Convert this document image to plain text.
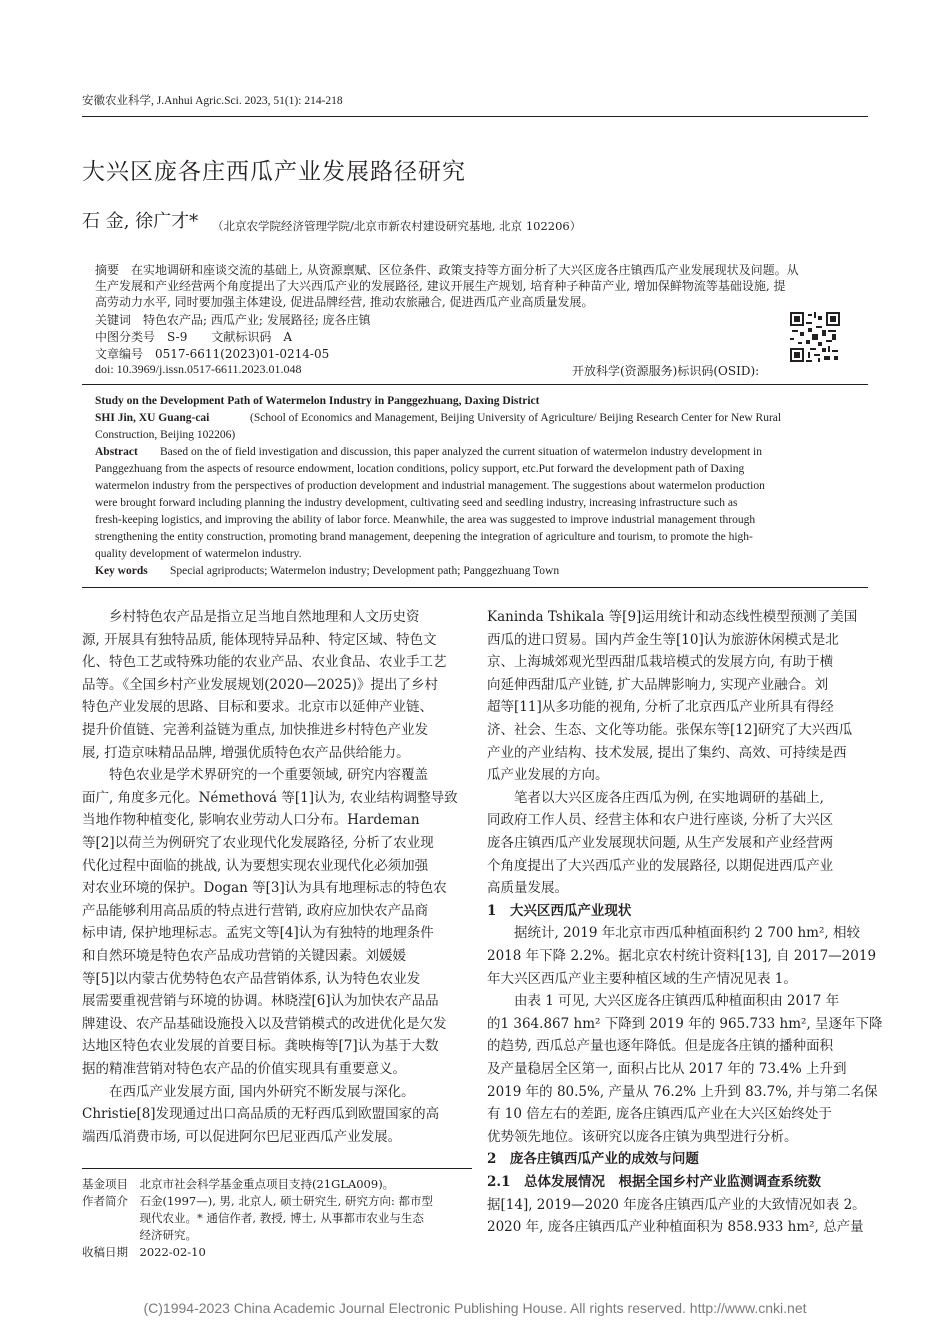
安徽农业科学, J.Anhui Agric.Sci. 2023, 51(1): 214-218
大兴区庞各庄西瓜产业发展路径研究
石 金, 徐广才* （北京农学院经济管理学院/北京市新农村建设研究基地, 北京 102206）
摘要　在实地调研和座谈交流的基础上, 从资源禀赋、区位条件、政策支持等方面分析了大兴区庞各庄镇西瓜产业发展现状及问题。从
生产发展和产业经营两个角度提出了大兴西瓜产业的发展路径, 建议开展生产规划, 培育种子种苗产业, 增加保鲜物流等基础设施, 提
高劳动力水平, 同时要加强主体建设, 促进品牌经营, 推动农旅融合, 促进西瓜产业高质量发展。
关键词　特色农产品; 西瓜产业; 发展路径; 庞各庄镇
中图分类号　S-9　　文献标识码　A
文章编号　0517-6611(2023)01-0214-05
doi: 10.3969/j.issn.0517-6611.2023.01.048	开放科学(资源服务)标识码(OSID):
Study on the Development Path of Watermelon Industry in Panggezhuang, Daxing District
SHI Jin, XU Guang-cai	(School of Economics and Management, Beijing University of Agriculture/ Beijing Research Center for New Rural
Construction, Beijing 102206)
Abstract Based on the of field investigation and discussion, this paper analyzed the current situation of watermelon industry development in
Panggezhuang from the aspects of resource endowment, location conditions, policy support, etc.Put forward the development path of Daxing
watermelon industry from the perspectives of production development and industrial management. The suggestions about watermelon production
were brought forward including planning the industry development, cultivating seed and seedling industry, increasing infrastructure such as
fresh-keeping logistics, and improving the ability of labor force. Meanwhile, the area was suggested to improve industrial management through
strengthening the entity construction, promoting brand management, deepening the integration of agriculture and tourism, to promote the high-
quality development of watermelon industry.
Key words Special agriproducts; Watermelon industry; Development path; Panggezhuang Town
　　乡村特色农产品是指立足当地自然地理和人文历史资
源, 开展具有独特品质, 能体现特异品种、特定区域、特色文
化、特色工艺或特殊功能的农业产品、农业食品、农业手工艺
品等。《全国乡村产业发展规划(2020—2025)》提出了乡村
特色产业发展的思路、目标和要求。北京市以延伸产业链、
提升价值链、完善利益链为重点, 加快推进乡村特色产业发
展, 打造京味精品品牌, 增强优质特色农产品供给能力。
　　特色农业是学术界研究的一个重要领域, 研究内容覆盖
面广, 角度多元化。Némethová 等[1]认为, 农业结构调整导致
当地作物种植变化, 影响农业劳动人口分布。Hardeman
等[2]以荷兰为例研究了农业现代化发展路径, 分析了农业现
代化过程中面临的挑战, 认为要想实现农业现代化必须加强
对农业环境的保护。Dogan 等[3]认为具有地理标志的特色农
产品能够利用高品质的特点进行营销, 政府应加快农产品商
标申请, 保护地理标志。孟宪文等[4]认为有独特的地理条件
和自然环境是特色农产品成功营销的关键因素。刘媛媛
等[5]以内蒙古优势特色农产品营销体系, 认为特色农业发
展需要重视营销与环境的协调。林晓滢[6]认为加快农产品品
牌建设、农产品基础设施投入以及营销模式的改进优化是欠发
达地区特色农业发展的首要目标。龚映梅等[7]认为基于大数
据的精准营销对特色农产品的价值实现具有重要意义。
　　在西瓜产业发展方面, 国内外研究不断发展与深化。
Christie[8]发现通过出口高品质的无籽西瓜到欧盟国家的高
端西瓜消费市场, 可以促进阿尔巴尼亚西瓜产业发展。
Kaninda Tshikala 等[9]运用统计和动态线性模型预测了美国
西瓜的进口贸易。国内芦金生等[10]认为旅游休闲模式是北
京、上海城郊观光型西甜瓜栽培模式的发展方向, 有助于横
向延伸西甜瓜产业链, 扩大品牌影响力, 实现产业融合。刘
超等[11]从多功能的视角, 分析了北京西瓜产业所具有得经
济、社会、生态、文化等功能。张保东等[12]研究了大兴西瓜
产业的产业结构、技术发展, 提出了集约、高效、可持续是西
瓜产业发展的方向。
　　笔者以大兴区庞各庄西瓜为例, 在实地调研的基础上,
同政府工作人员、经营主体和农户进行座谈, 分析了大兴区
庞各庄镇西瓜产业发展现状问题, 从生产发展和产业经营两
个角度提出了大兴西瓜产业的发展路径, 以期促进西瓜产业
高质量发展。
1　大兴区西瓜产业现状
　　据统计, 2019 年北京市西瓜种植面积约 2 700 hm², 相较
2018 年下降 2.2%。据北京农村统计资料[13], 自 2017—2019
年大兴区西瓜产业主要种植区域的生产情况见表 1。
　　由表 1 可见, 大兴区庞各庄镇西瓜种植面积由 2017 年
的1 364.867 hm² 下降到 2019 年的 965.733 hm², 呈逐年下降
的趋势, 西瓜总产量也逐年降低。但是庞各庄镇的播种面积
及产量稳居全区第一, 面积占比从 2017 年的 73.4% 上升到
2019 年的 80.5%, 产量从 76.2% 上升到 83.7%, 并与第二名保
有 10 倍左右的差距, 庞各庄镇西瓜产业在大兴区始终处于
优势领先地位。该研究以庞各庄镇为典型进行分析。
2　庞各庄镇西瓜产业的成效与问题
2.1　总体发展情况　根据全国乡村产业监测调查系统数
据[14], 2019—2020 年庞各庄镇西瓜产业的大致情况如表 2。
2020 年, 庞各庄镇西瓜产业种植面积为 858.933 hm², 总产量
基金项目　北京市社会科学基金重点项目支持(21GLA009)。
作者简介　石金(1997—), 男, 北京人, 硕士研究生, 研究方向: 都市型
　　　　　现代农业。* 通信作者, 教授, 博士, 从事都市农业与生态
　　　　　经济研究。
收稿日期　2022-02-10
(C)1994-2023 China Academic Journal Electronic Publishing House. All rights reserved. http://www.cnki.net
